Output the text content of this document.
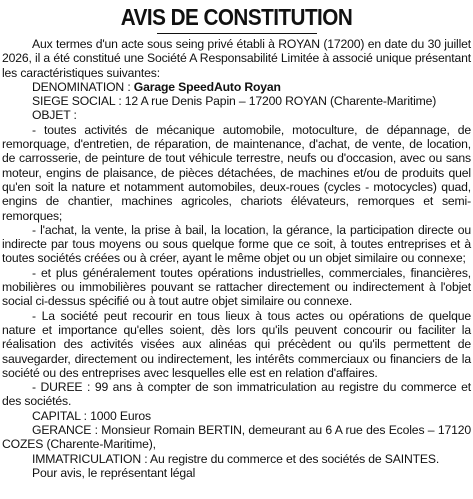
AVIS DE CONSTITUTION

Aux termes d'un acte sous seing privé établi à ROYAN (17200) en date du 30 juillet 2026, il a été constitué une Société A Responsabilité Limitée à associé unique présentant les caractéristiques suivantes:

DENOMINATION : Garage SpeedAuto Royan

SIEGE SOCIAL : 12 A rue Denis Papin – 17200 ROYAN (Charente-Maritime)

OBJET :

- toutes activités de mécanique automobile, motoculture, de dépannage, de remorquage, d'entretien, de réparation, de maintenance, d'achat, de vente, de location, de carrosserie, de peinture de tout véhicule terrestre, neufs ou d'occasion, avec ou sans moteur, engins de plaisance, de pièces détachées, de machines et/ou de produits quel qu'en soit la nature et notamment automobiles, deux-roues (cycles - motocycles) quad, engins de chantier, machines agricoles, chariots élévateurs, remorques et semi-remorques;

- l'achat, la vente, la prise à bail, la location, la gérance, la participation directe ou indirecte par tous moyens ou sous quelque forme que ce soit, à toutes entreprises et à toutes sociétés créées ou à créer, ayant le même objet ou un objet similaire ou connexe;

- et plus généralement toutes opérations industrielles, commerciales, financières, mobilières ou immobilières pouvant se rattacher directement ou indirectement à l'objet social ci-dessus spécifié ou à tout autre objet similaire ou connexe.

- La société peut recourir en tous lieux à tous actes ou opérations de quelque nature et importance qu'elles soient, dès lors qu'ils peuvent concourir ou faciliter la réalisation des activités visées aux alinéas qui précèdent ou qu'ils permettent de sauvegarder, directement ou indirectement, les intérêts commerciaux ou financiers de la société ou des entreprises avec lesquelles elle est en relation d'affaires.

- DUREE : 99 ans à compter de son immatriculation au registre du commerce et des sociétés.

CAPITAL : 1000 Euros

GERANCE : Monsieur Romain BERTIN, demeurant au 6 A rue des Ecoles – 17120 COZES (Charente-Maritime),

IMMATRICULATION : Au registre du commerce et des sociétés de SAINTES.

Pour avis, le représentant légal
